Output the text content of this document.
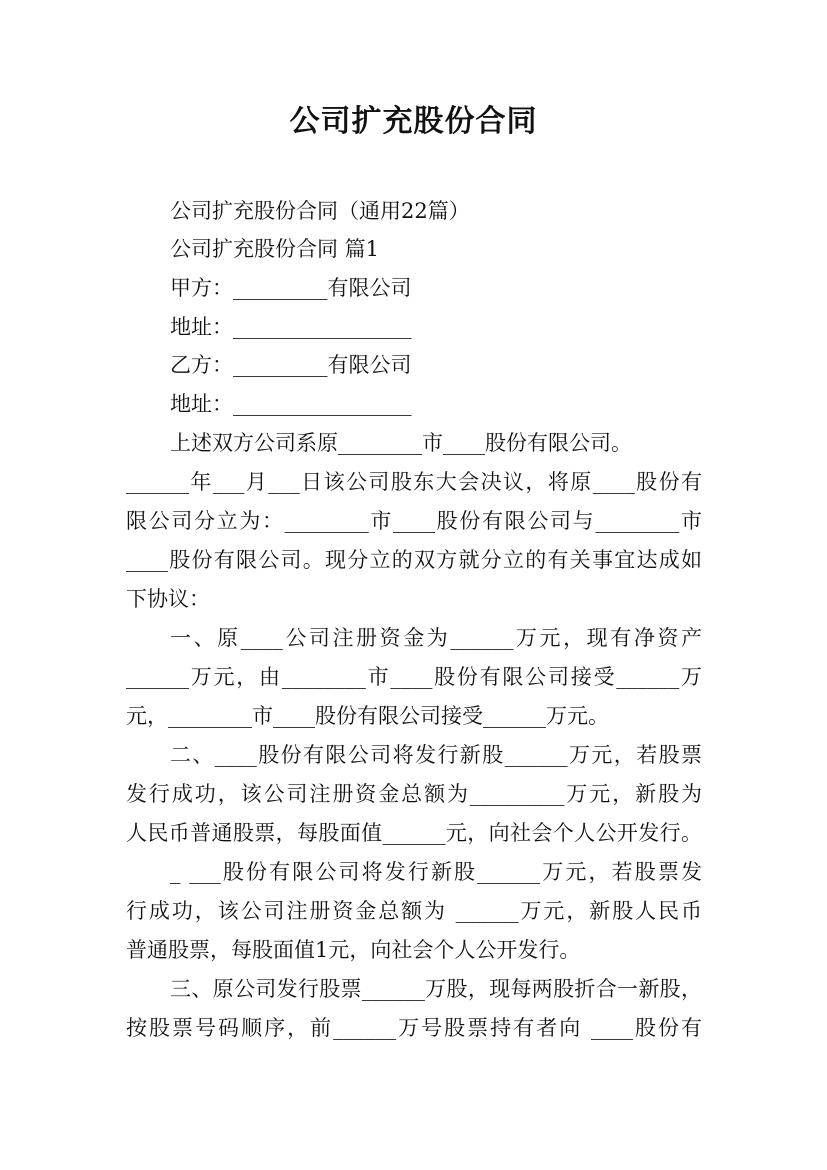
公司扩充股份合同
公司扩充股份合同（通用22篇）
公司扩充股份合同 篇1
甲方：_________有限公司
地址：_________________
乙方：_________有限公司
地址：_________________
上述双方公司系原________市____股份有限公司。
______年___月___日该公司股东大会决议，将原____股份有
限公司分立为：________市____股份有限公司与________市
____股份有限公司。现分立的双方就分立的有关事宜达成如
下协议：
一、原____公司注册资金为______万元，现有净资产
______万元，由________市____股份有限公司接受______万
元，________市____股份有限公司接受______万元。
二、____股份有限公司将发行新股______万元，若股票
发行成功，该公司注册资金总额为_________万元，新股为
人民币普通股票，每股面值______元，向社会个人公开发行。
_ ___股份有限公司将发行新股______万元，若股票发
行成功，该公司注册资金总额为 ______万元，新股人民币
普通股票，每股面值1元，向社会个人公开发行。
三、原公司发行股票______万股，现每两股折合一新股，
按股票号码顺序，前______万号股票持有者向 ____股份有
